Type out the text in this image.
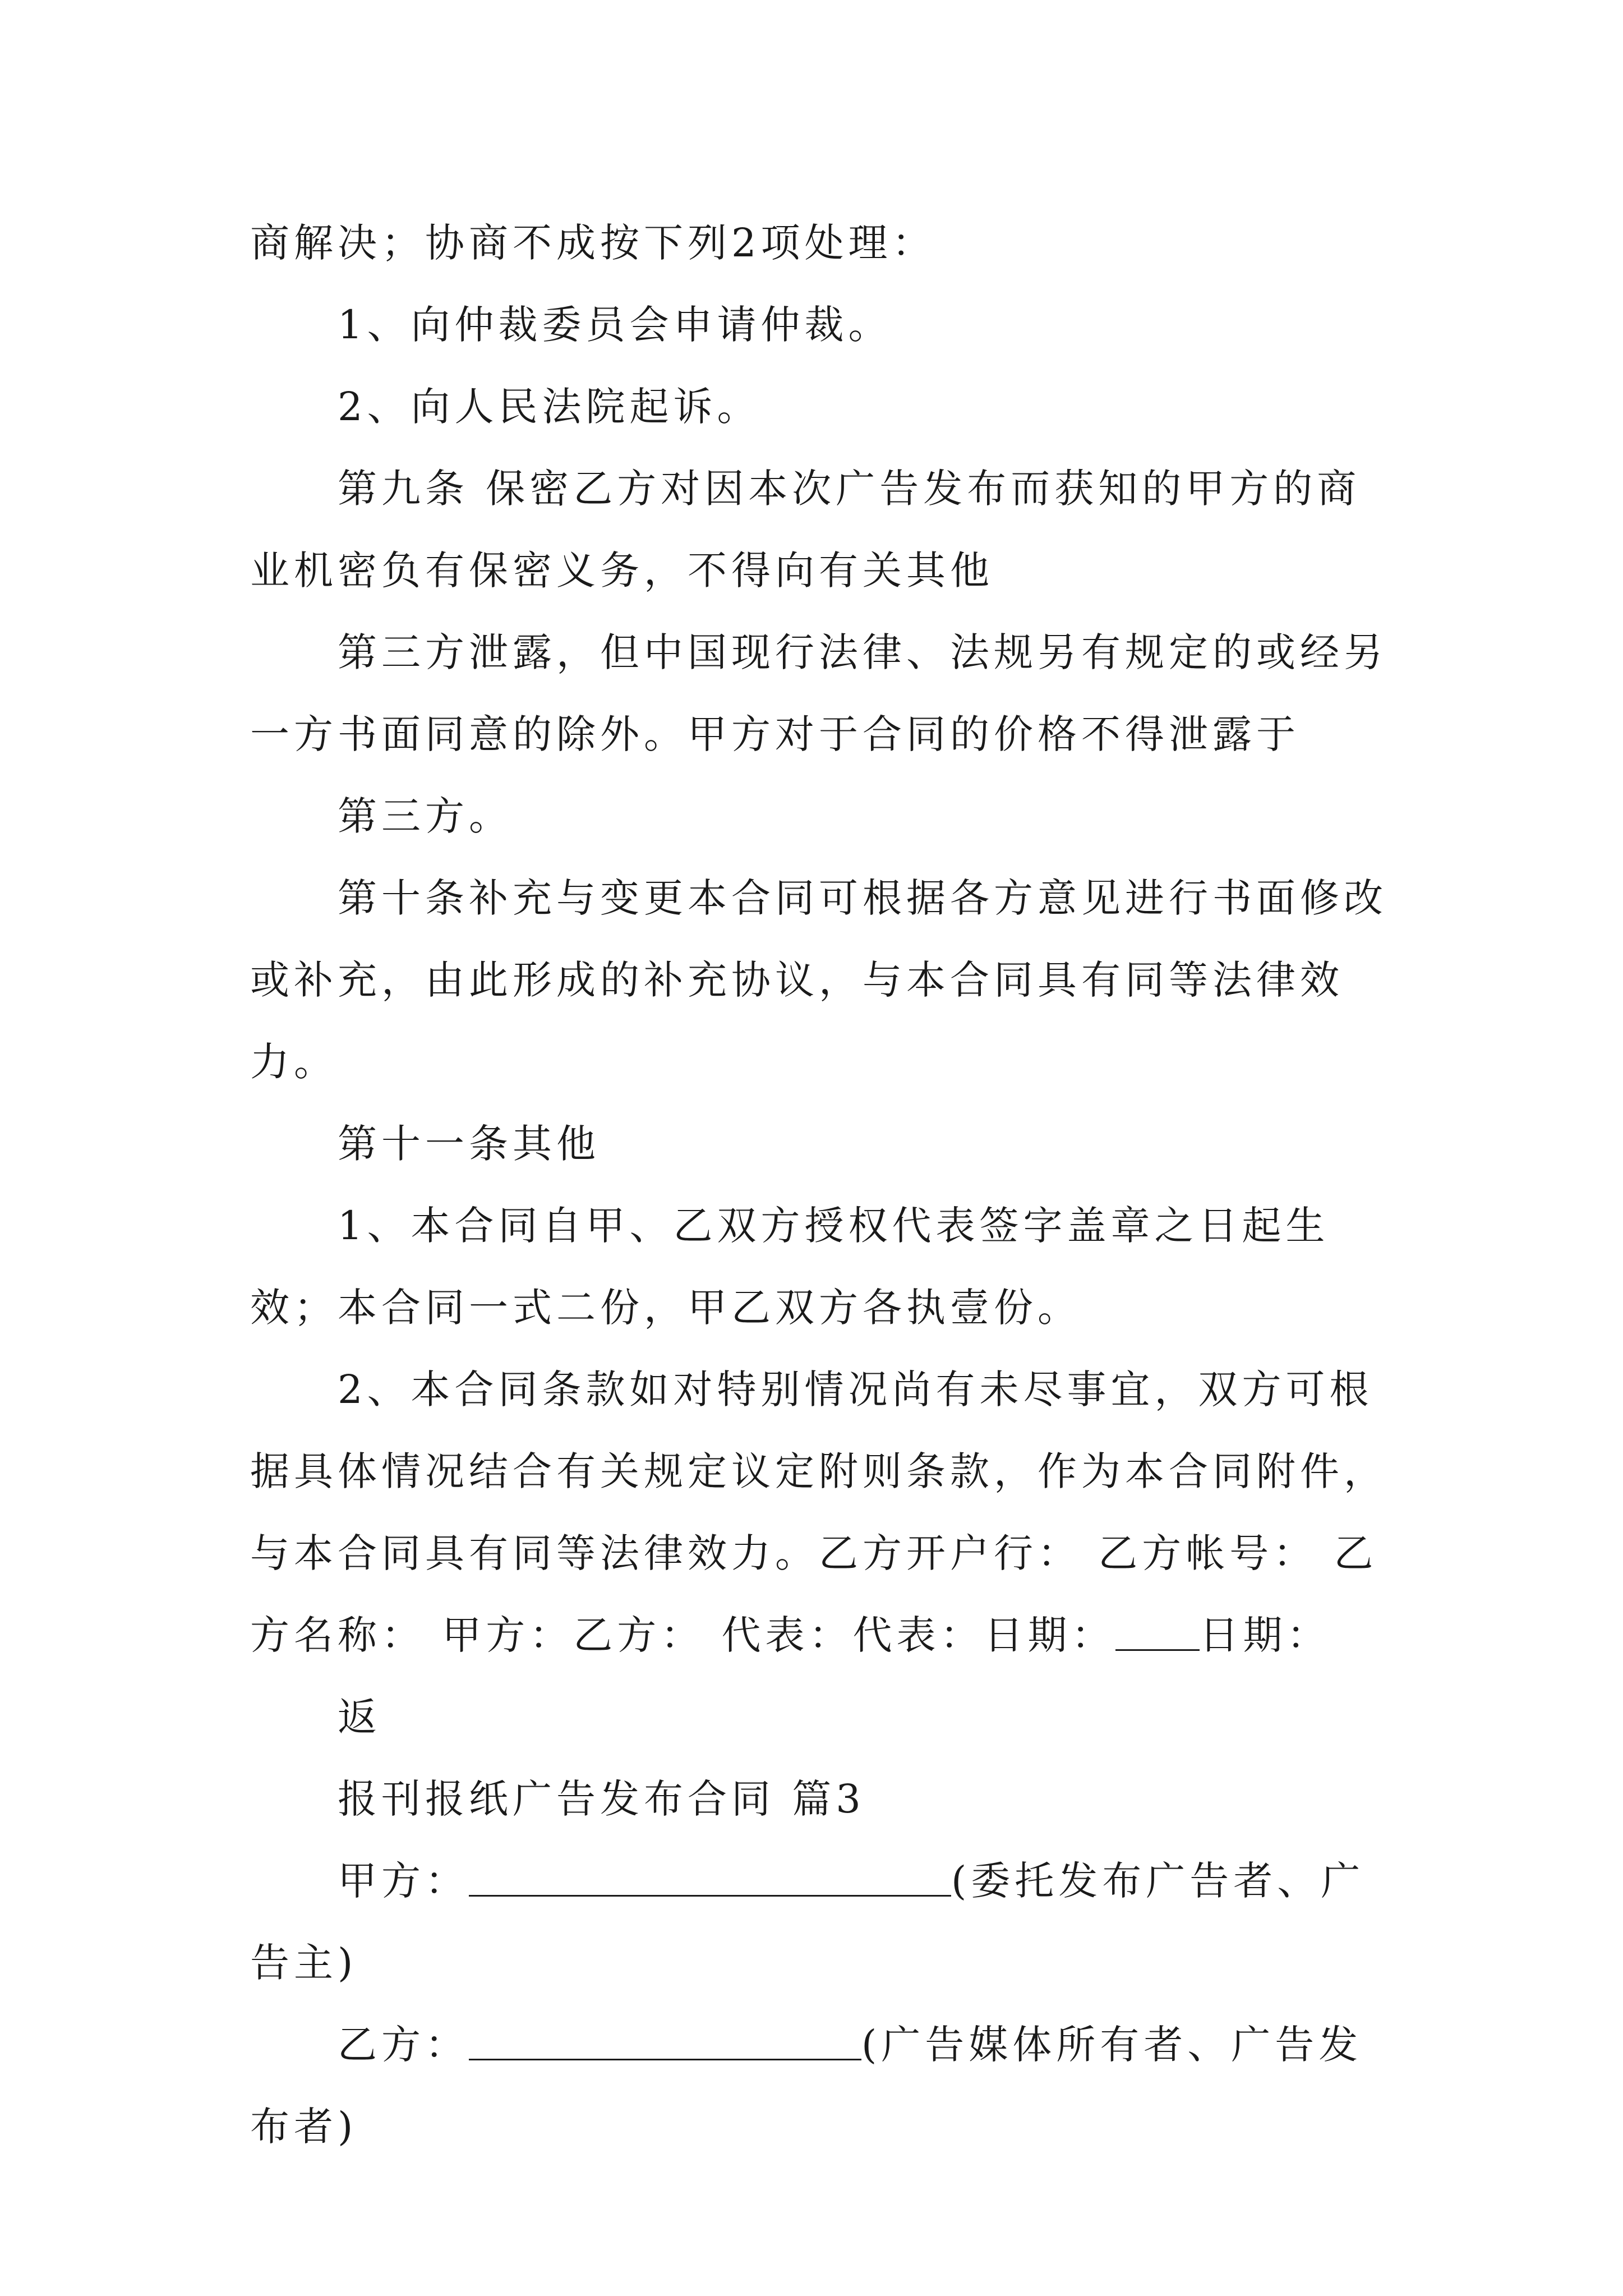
商解决；协商不成按下列2项处理：

1、向仲裁委员会申请仲裁。

2、向人民法院起诉。

第九条 保密乙方对因本次广告发布而获知的甲方的商业机密负有保密义务，不得向有关其他

第三方泄露，但中国现行法律、法规另有规定的或经另一方书面同意的除外。甲方对于合同的价格不得泄露于

第三方。

第十条补充与变更本合同可根据各方意见进行书面修改或补充，由此形成的补充协议，与本合同具有同等法律效力。

第十一条其他

1、本合同自甲、乙双方授权代表签字盖章之日起生效；本合同一式二份，甲乙双方各执壹份。

2、本合同条款如对特别情况尚有未尽事宜，双方可根据具体情况结合有关规定议定附则条款，作为本合同附件，与本合同具有同等法律效力。乙方开户行： 乙方帐号： 乙方名称： 甲方：乙方： 代表：代表：日期： 日期：

返

报刊报纸广告发布合同 篇3

甲方：	(委托发布广告者、广告主)

乙方：	(广告媒体所有者、广告发布者)
